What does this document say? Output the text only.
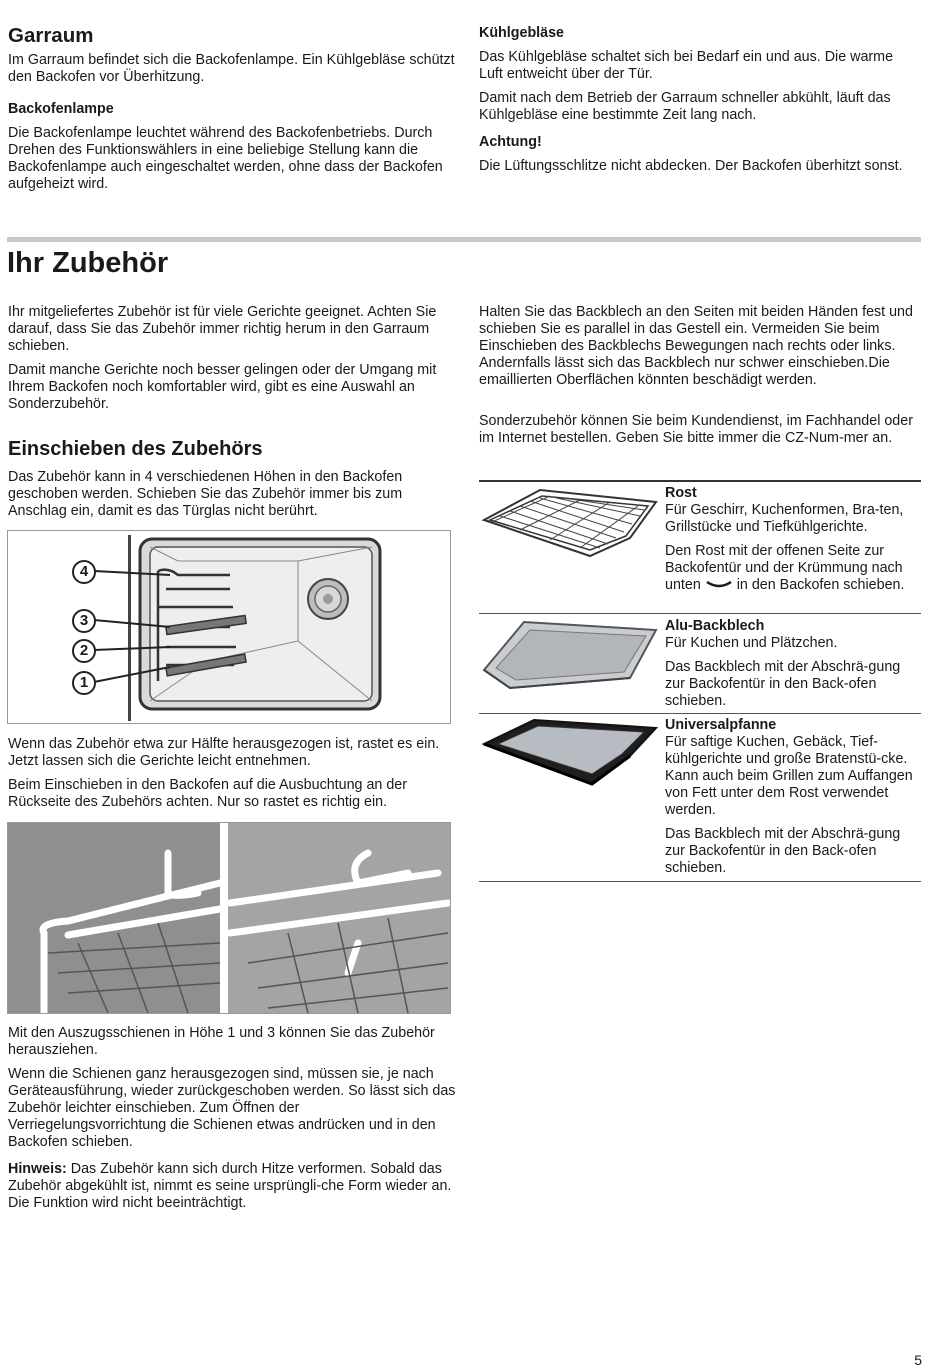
Garraum

Im Garraum befindet sich die Backofenlampe. Ein Kühlgebläse schützt den Backofen vor Überhitzung.

Backofenlampe

Die Backofenlampe leuchtet während des Backofenbetriebs. Durch Drehen des Funktionswählers in eine beliebige Stellung kann die Backofenlampe auch eingeschaltet werden, ohne dass der Backofen aufgeheizt wird.

Kühlgebläse

Das Kühlgebläse schaltet sich bei Bedarf ein und aus. Die warme Luft entweicht über der Tür.

Damit nach dem Betrieb der Garraum schneller abkühlt, läuft das Kühlgebläse eine bestimmte Zeit lang nach.

Achtung!

Die Lüftungsschlitze nicht abdecken. Der Backofen überhitzt sonst.

Ihr Zubehör

Ihr mitgeliefertes Zubehör ist für viele Gerichte geeignet. Achten Sie darauf, dass Sie das Zubehör immer richtig herum in den Garraum schieben.

Damit manche Gerichte noch besser gelingen oder der Umgang mit Ihrem Backofen noch komfortabler wird, gibt es eine Auswahl an Sonderzubehör.

Einschieben des Zubehörs

Das Zubehör kann in 4 verschiedenen Höhen in den Backofen geschoben werden. Schieben Sie das Zubehör immer bis zum Anschlag ein, damit es das Türglas nicht berührt.

4
3
2
1

Wenn das Zubehör etwa zur Hälfte herausgezogen ist, rastet es ein. Jetzt lassen sich die Gerichte leicht entnehmen.

Beim Einschieben in den Backofen auf die Ausbuchtung an der Rückseite des Zubehörs achten. Nur so rastet es richtig ein.

Mit den Auszugsschienen in Höhe 1 und 3 können Sie das Zubehör herausziehen.

Wenn die Schienen ganz herausgezogen sind, müssen sie, je nach Geräteausführung, wieder zurückgeschoben werden. So lässt sich das Zubehör leichter einschieben. Zum Öffnen der Verriegelungsvorrichtung die Schienen etwas andrücken und in den Backofen schieben.

Hinweis: Das Zubehör kann sich durch Hitze verformen. Sobald das Zubehör abgekühlt ist, nimmt es seine ursprüngli-che Form wieder an. Die Funktion wird nicht beeinträchtigt.

Halten Sie das Backblech an den Seiten mit beiden Händen fest und schieben Sie es parallel in das Gestell ein. Vermeiden Sie beim Einschieben des Backblechs Bewegungen nach rechts oder links. Andernfalls lässt sich das Backblech nur schwer einschieben.Die emaillierten Oberflächen könnten beschädigt werden.

Sonderzubehör können Sie beim Kundendienst, im Fachhandel oder im Internet bestellen. Geben Sie bitte immer die CZ-Num-mer an.

Rost

Für Geschirr, Kuchenformen, Bra-ten, Grillstücke und Tiefkühlgerichte.

Den Rost mit der offenen Seite zur Backofentür und der Krümmung nach unten  in den Backofen schieben.

Alu-Backblech

Für Kuchen und Plätzchen.

Das Backblech mit der Abschrä-gung zur Backofentür in den Back-ofen schieben.

Universalpfanne

Für saftige Kuchen, Gebäck, Tief-kühlgerichte und große Bratenstü-cke. Kann auch beim Grillen zum Auffangen von Fett unter dem Rost verwendet werden.

Das Backblech mit der Abschrä-gung zur Backofentür in den Back-ofen schieben.

5
